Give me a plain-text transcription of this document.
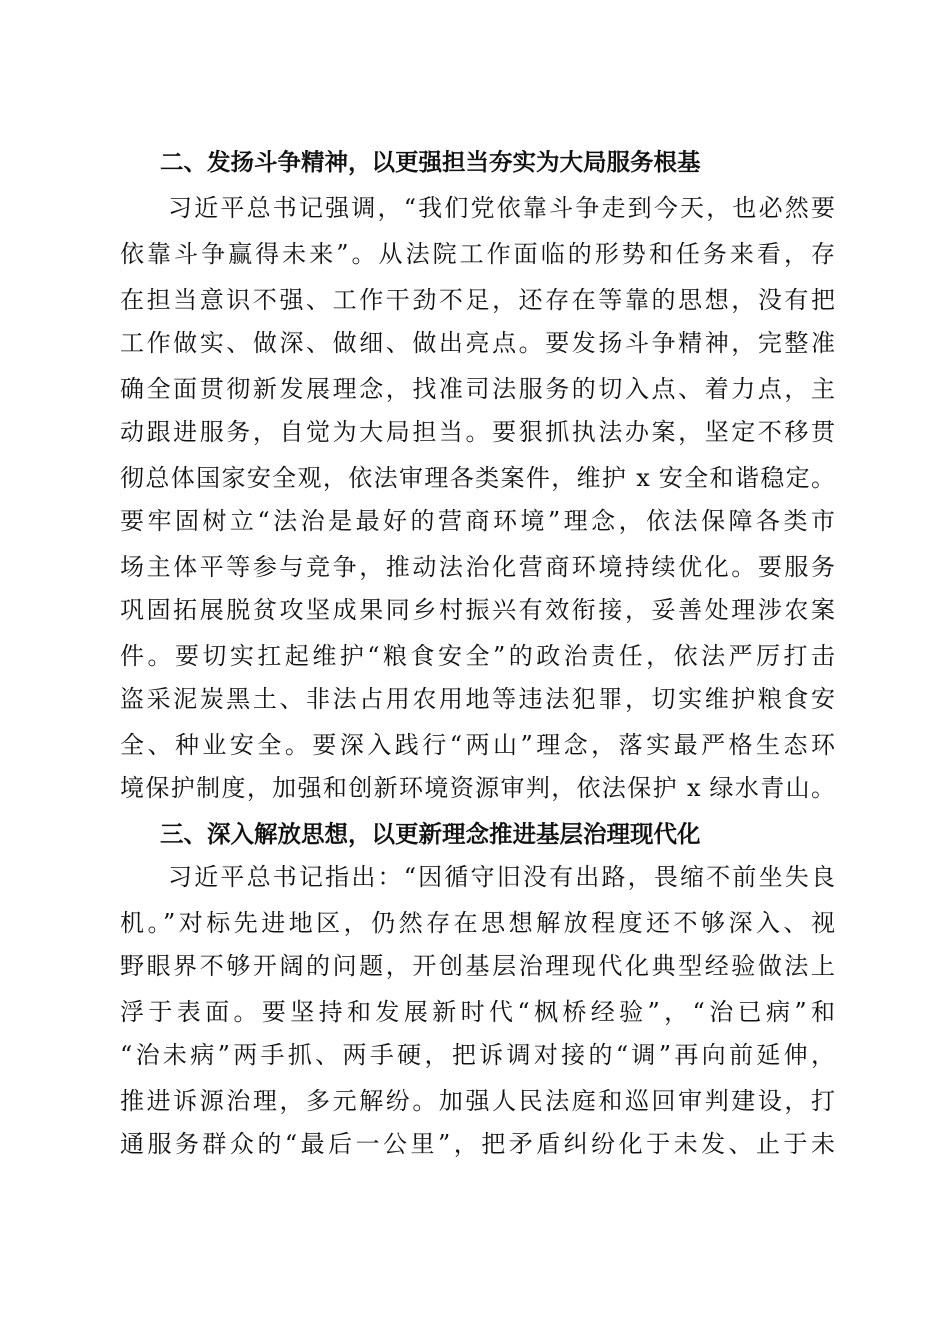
二、发扬斗争精神，以更强担当夯实为大局服务根基
习近平总书记强调，“我们党依靠斗争走到今天，也必然要
依靠斗争赢得未来”。从法院工作面临的形势和任务来看，存
在担当意识不强、工作干劲不足，还存在等靠的思想，没有把
工作做实、做深、做细、做出亮点。要发扬斗争精神，完整准
确全面贯彻新发展理念，找准司法服务的切入点、着力点，主
动跟进服务，自觉为大局担当。要狠抓执法办案，坚定不移贯
彻总体国家安全观，依法审理各类案件，维护 x 安全和谐稳定。
要牢固树立“法治是最好的营商环境”理念，依法保障各类市
场主体平等参与竞争，推动法治化营商环境持续优化。要服务
巩固拓展脱贫攻坚成果同乡村振兴有效衔接，妥善处理涉农案
件。要切实扛起维护“粮食安全”的政治责任，依法严厉打击
盗采泥炭黑土、非法占用农用地等违法犯罪，切实维护粮食安
全、种业安全。要深入践行“两山”理念，落实最严格生态环
境保护制度，加强和创新环境资源审判，依法保护 x 绿水青山。
三、深入解放思想，以更新理念推进基层治理现代化
习近平总书记指出：“因循守旧没有出路，畏缩不前坐失良
机。”对标先进地区，仍然存在思想解放程度还不够深入、视
野眼界不够开阔的问题，开创基层治理现代化典型经验做法上
浮于表面。要坚持和发展新时代“枫桥经验”，“治已病”和
“治未病”两手抓、两手硬，把诉调对接的“调”再向前延伸，
推进诉源治理，多元解纷。加强人民法庭和巡回审判建设，打
通服务群众的“最后一公里”，把矛盾纠纷化于未发、止于未
